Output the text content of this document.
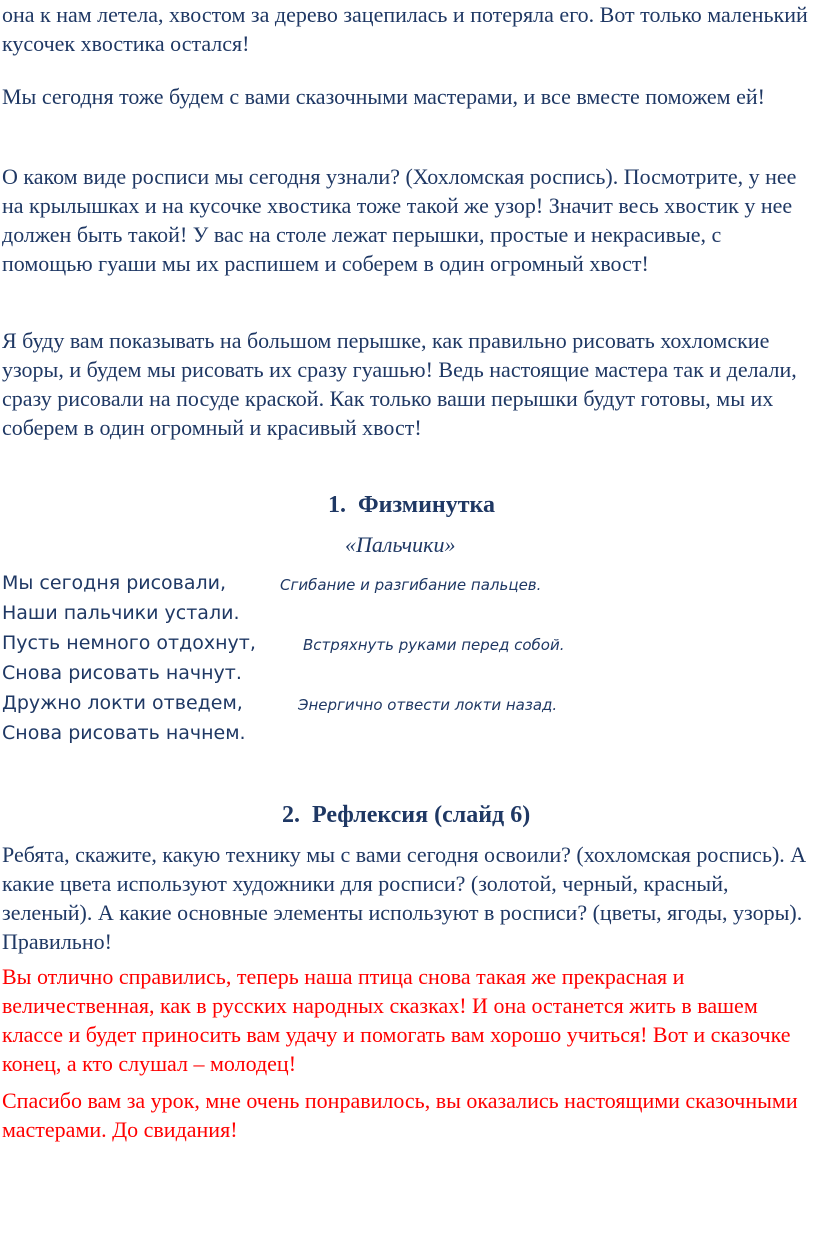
она к нам летела, хвостом за дерево зацепилась и потеряла его. Вот только маленький кусочек хвостика остался!

Мы сегодня тоже будем с вами сказочными мастерами, и все вместе поможем ей!

О каком виде росписи мы сегодня узнали? (Хохломская роспись). Посмотрите, у нее на крылышках и на кусочке хвостика тоже такой же узор! Значит весь хвостик у нее должен быть такой! У вас на столе лежат перышки, простые и некрасивые, с помощью гуаши мы их распишем и соберем в один огромный хвост!

Я буду вам показывать на большом перышке, как правильно рисовать хохломские узоры, и будем мы рисовать их сразу гуашью! Ведь настоящие мастера так и делали, сразу рисовали на посуде краской. Как только ваши перышки будут готовы, мы их соберем в один огромный и красивый хвост!

1. Физминутка

«Пальчики»

Мы сегодня рисовали,	Сгибание и разгибание пальцев.

Наши пальчики устали.

Пусть немного отдохнут,	Встряхнуть руками перед собой.

Снова рисовать начнут.

Дружно локти отведем,	Энергично отвести локти назад.

Снова рисовать начнем.

2. Рефлексия (слайд 6)

Ребята, скажите, какую технику мы с вами сегодня освоили? (хохломская роспись). А какие цвета используют художники для росписи? (золотой, черный, красный, зеленый). А какие основные элементы используют в росписи? (цветы, ягоды, узоры). Правильно!

Вы отлично справились, теперь наша птица снова такая же прекрасная и величественная, как в русских народных сказках! И она останется жить в вашем классе и будет приносить вам удачу и помогать вам хорошо учиться! Вот и сказочке конец, а кто слушал – молодец!

Спасибо вам за урок, мне очень понравилось, вы оказались настоящими сказочными мастерами. До свидания!
